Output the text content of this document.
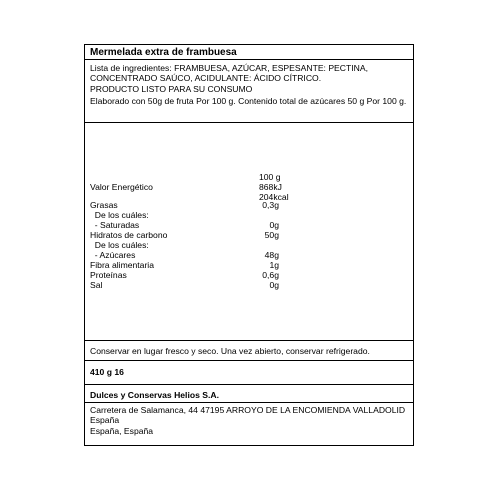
Mermelada extra de frambuesa
Lista de ingredientes: FRAMBUESA, AZÚCAR, ESPESANTE: PECTINA, CONCENTRADO SAÚCO, ACIDULANTE: ÁCIDO CÍTRICO.
PRODUCTO LISTO PARA SU CONSUMO
Elaborado con 50g de fruta Por 100 g. Contenido total de azúcares 50 g Por 100 g.
100 g
Valor Energético	868kJ
204kcal
Grasas	0,3g
De los cuáles:
- Saturadas	0g
Hidratos de carbono	50g
De los cuáles:
- Azúcares	48g
Fibra alimentaria	1g
Proteínas	0,6g
Sal	0g
Conservar en lugar fresco y seco. Una vez abierto, conservar refrigerado.
410 g 16
Dulces y Conservas Helios S.A.
Carretera de Salamanca, 44 47195 ARROYO DE LA ENCOMIENDA VALLADOLID
España
España, España
